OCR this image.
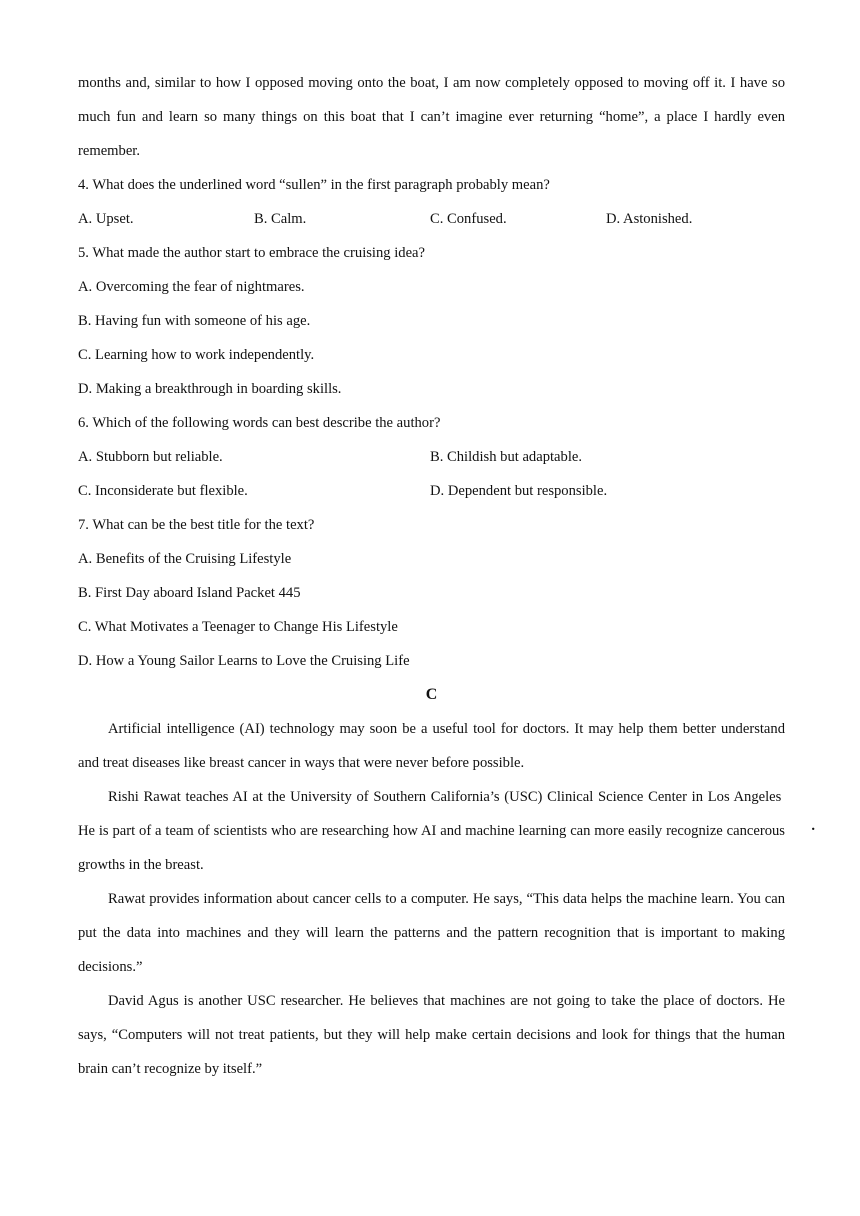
months and, similar to how I opposed moving onto the boat, I am now completely opposed to moving off it. I have so much fun and learn so many things on this boat that I can’t imagine ever returning “home”, a place I hardly even remember.

4. What does the underlined word “sullen” in the first paragraph probably mean?

A. Upset.	B. Calm.	C. Confused.	D. Astonished.

5. What made the author start to embrace the cruising idea?

A. Overcoming the fear of nightmares.

B. Having fun with someone of his age.

C. Learning how to work independently.

D. Making a breakthrough in boarding skills.

6. Which of the following words can best describe the author?

A. Stubborn but reliable.	B. Childish but adaptable.
C. Inconsiderate but flexible.	D. Dependent but responsible.

7. What can be the best title for the text?

A. Benefits of the Cruising Lifestyle

B. First Day aboard Island Packet 445

C. What Motivates a Teenager to Change His Lifestyle

D. How a Young Sailor Learns to Love the Cruising Life

C

Artificial intelligence (AI) technology may soon be a useful tool for doctors. It may help them better understand and treat diseases like breast cancer in ways that were never before possible.

Rishi Rawat teaches AI at the University of Southern California’s (USC) Clinical Science Center in Los Angeles  He is part of a team of scientists who are researching how AI and machine learning can more easily recognize cancerous growths in the breast.

Rawat provides information about cancer cells to a computer. He says, “This data helps the machine learn. You can put the data into machines and they will learn the patterns and the pattern recognition that is important to making decisions.”

David Agus is another USC researcher. He believes that machines are not going to take the place of doctors. He says, “Computers will not treat patients, but they will help make certain decisions and look for things that the human brain can’t recognize by itself.”
